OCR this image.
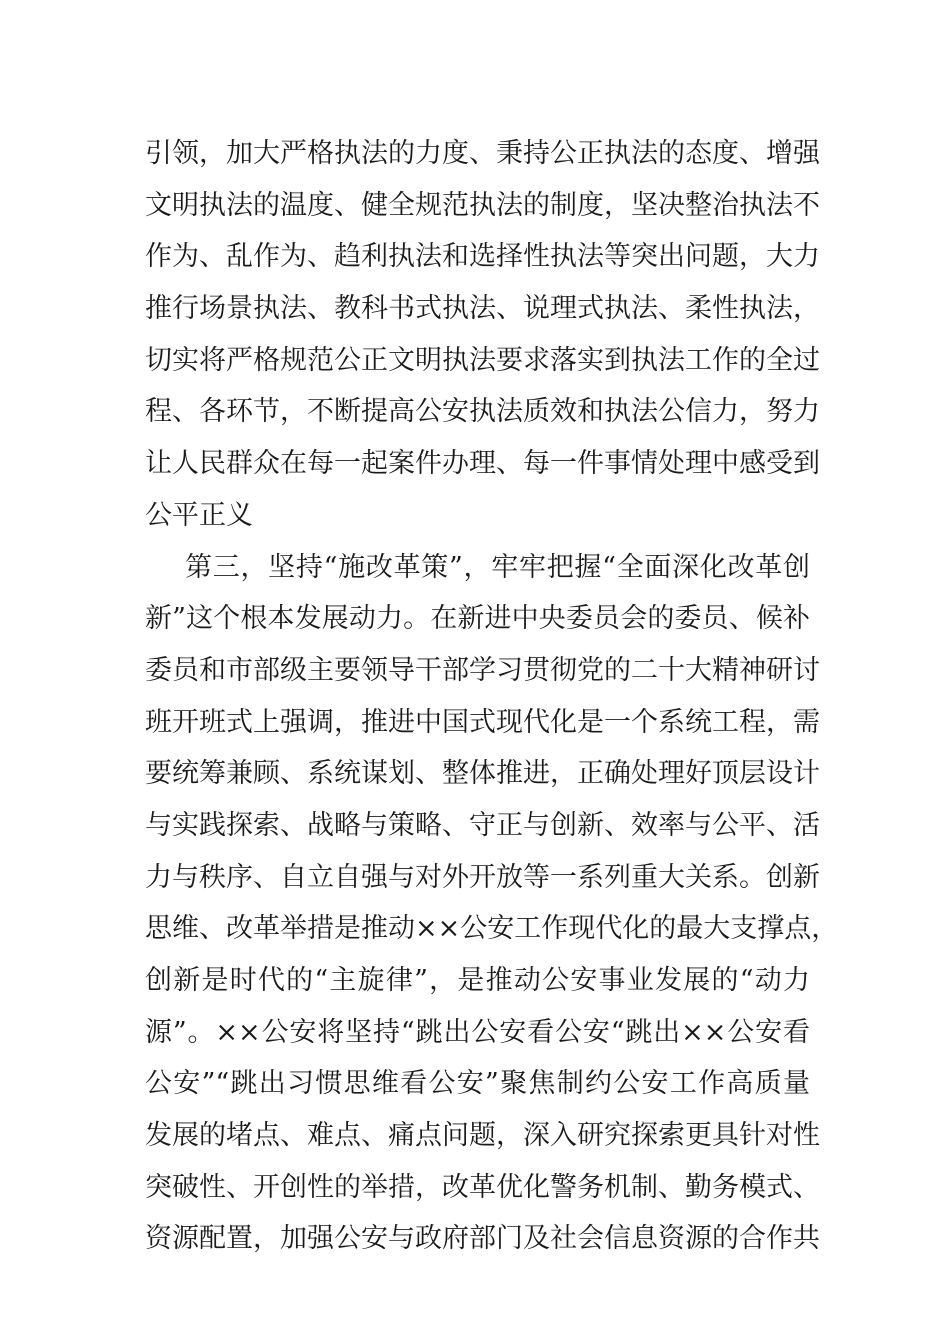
引领，加大严格执法的力度、秉持公正执法的态度、增强
文明执法的温度、健全规范执法的制度，坚决整治执法不
作为、乱作为、趋利执法和选择性执法等突出问题，大力
推行场景执法、教科书式执法、说理式执法、柔性执法，
切实将严格规范公正文明执法要求落实到执法工作的全过
程、各环节，不断提高公安执法质效和执法公信力，努力
让人民群众在每一起案件办理、每一件事情处理中感受到
公平正义
第三，坚持“施改革策”，牢牢把握“全面深化改革创
新”这个根本发展动力。在新进中央委员会的委员、候补
委员和市部级主要领导干部学习贯彻党的二十大精神研讨
班开班式上强调，推进中国式现代化是一个系统工程，需
要统筹兼顾、系统谋划、整体推进，正确处理好顶层设计
与实践探索、战略与策略、守正与创新、效率与公平、活
力与秩序、自立自强与对外开放等一系列重大关系。创新
思维、改革举措是推动××公安工作现代化的最大支撑点，
创新是时代的“主旋律”，是推动公安事业发展的“动力
源”。××公安将坚持“跳出公安看公安“跳出××公安看
公安”“跳出习惯思维看公安”聚焦制约公安工作高质量
发展的堵点、难点、痛点问题，深入研究探索更具针对性
突破性、开创性的举措，改革优化警务机制、勤务模式、
资源配置，加强公安与政府部门及社会信息资源的合作共
